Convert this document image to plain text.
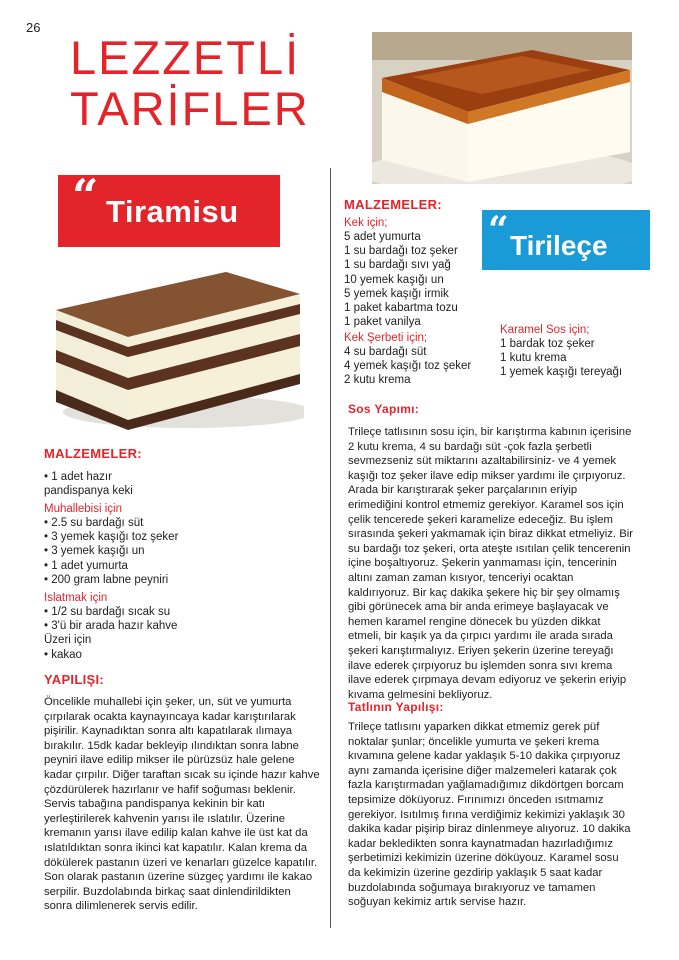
26
LEZZETLİ
TARİFLER
“ Tiramisu
MALZEMELER:
• 1 adet hazır
pandispanya keki
Muhallebisi için
• 2.5 su bardağı süt
• 3 yemek kaşığı toz şeker
• 3 yemek kaşığı un
• 1 adet yumurta
• 200 gram labne peyniri
Islatmak için
• 1/2 su bardağı sıcak su
• 3'ü bir arada hazır kahve
Üzeri için
• kakao
YAPILIŞI:
Öncelikle muhallebi için şeker, un, süt ve yumurta çırpılarak ocakta kaynayıncaya kadar karıştırılarak pişirilir. Kaynadıktan sonra altı kapatılarak ılımaya bırakılır. 15dk kadar bekleyip ılındıktan sonra labne peyniri ilave edilip mikser ile pürüzsüz hale gelene kadar çırpılır. Diğer taraftan sıcak su içinde hazır kahve çözdürülerek hazırlanır ve hafif soğuması beklenir.
Servis tabağına pandispanya kekinin bir katı yerleştirilerek kahvenin yarısı ile ıslatılır. Üzerine kremanın yarısı ilave edilip kalan kahve ile üst kat da ıslatıldıktan sonra ikinci kat kapatılır. Kalan krema da dökülerek pastanın üzeri ve kenarları güzelce kapatılır. Son olarak pastanın üzerine süzgeç yardımı ile kakao serpilir. Buzdolabında birkaç saat dinlendirildikten sonra dilimlenerek servis edilir.
MALZEMELER:
Kek için;
5 adet yumurta
1 su bardağı toz şeker
1 su bardağı sıvı yağ
10 yemek kaşığı un
5 yemek kaşığı irmik
1 paket kabartma tozu
1 paket vanilya
Kek Şerbeti için;
4 su bardağı süt
4 yemek kaşığı toz şeker
2 kutu krema
“ Tirileçe
Karamel Sos için;
1 bardak toz şeker
1 kutu krema
1 yemek kaşığı tereyağı
Sos Yapımı:
Trileçe tatlısının sosu için, bir karıştırma kabının içerisine 2 kutu krema, 4 su bardağı süt -çok fazla şerbetli sevmezseniz süt miktarını azaltabilirsiniz- ve 4 yemek kaşığı toz şeker ilave edip mikser yardımı ile çırpıyoruz. Arada bir karıştırarak şeker parçalarının eriyip erimediğini kontrol etmemiz gerekiyor. Karamel sos için çelik tencerede şekeri karamelize edeceğiz. Bu işlem sırasında şekeri yakmamak için biraz dikkat etmeliyiz. Bir su bardağı toz şekeri, orta ateşte ısıtılan çelik tencerenin içine boşaltıyoruz. Şekerin yanmaması için, tencerinin altını zaman zaman kısıyor, tenceriyi ocaktan kaldırıyoruz. Bir kaç dakika şekere hiç bir şey olmamış gibi görünecek ama bir anda erimeye başlayacak ve hemen karamel rengine dönecek bu yüzden dikkat etmeli, bir kaşık ya da çırpıcı yardımı ile arada sırada şekeri karıştırmalıyız. Eriyen şekerin üzerine tereyağı ilave ederek çırpıyoruz bu işlemden sonra sıvı krema ilave ederek çırpmaya devam ediyoruz ve şekerin eriyip kıvama gelmesini bekliyoruz.
Tatlının Yapılışı:
Trileçe tatlısını yaparken dikkat etmemiz gerek püf noktalar şunlar; öncelikle yumurta ve şekeri krema kıvamına gelene kadar yaklaşık 5-10 dakika çırpıyoruz aynı zamanda içerisine diğer malzemeleri katarak çok fazla karıştırmadan yağlamadığımız dikdörtgen borcam tepsimize döküyoruz. Fırınımızı önceden ısıtmamız gerekiyor. Isıtılmış fırına verdiğimiz kekimizi yaklaşık 30 dakika kadar pişirip biraz dinlenmeye alıyoruz. 10 dakika kadar bekledikten sonra kaynatmadan hazırladığımız şerbetimizi kekimizin üzerine döküyouz. Karamel sosu da kekimizin üzerine gezdirip yaklaşık 5 saat kadar buzdolabında soğumaya bırakıyoruz ve tamamen soğuyan kekimiz artık servise hazır.
